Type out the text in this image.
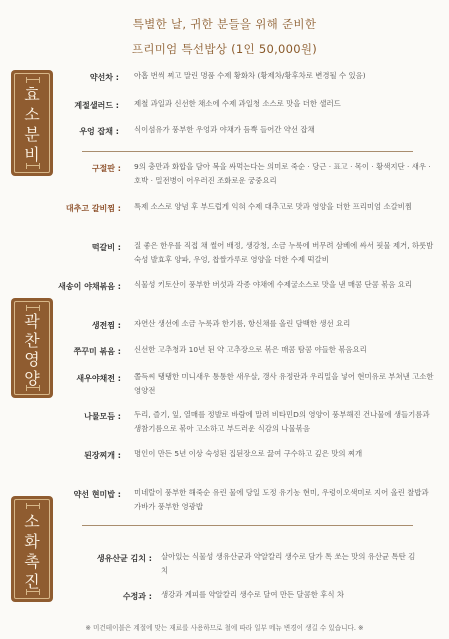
특별한 날, 귀한 분들을 위해 준비한
프리미엄 특선밥상 (1인 50,000원)
효
소
분
비
곽
찬
영
양
소
화
촉
진
약선차 : 아홉 번씩 찌고 말린 명품 수제 황화차 (황제차/황후차로 변경될 수 있음)
계절샐러드 : 제철 과일과 신선한 채소에 수제 과일청 소스로 맛을 더한 샐러드
우엉 잡채 : 식이섬유가 풍부한 우엉과 야채가 듬뿍 들어간 약선 잡채
구절판 : 9의 충만과 화합을 담아 복을 싸먹는다는 의미로 죽순 · 당근 · 표고 · 목이 · 황색지단 · 새우 · 호박 · 밀전병이 어우러진 조화로운 궁중요리
대추고 갈비찜 : 특제 소스로 양념 후 부드럽게 익혀 수제 대추고로 맛과 영양을 더한 프리미엄 소갈비찜
떡갈비 : 질 좋은 한우를 직접 채 썰어 배정, 생강청, 소금 누룩에 버무려 삼베에 싸서 핏물 제거, 하룻밤 숙성 발효후 양파, 우엉, 찹쌀가루로 영양을 더한 수제 떡갈비
새송이 야채볶음 : 식물성 키토산이 풍부한 버섯과 각종 야채에 수제굴소스로 맛을 낸 매콤 단콤 볶음 요리
생전찜 : 자연산 생선에 소금 누룩과 한기름, 항신채를 올린 담백한 생선 요리
쭈꾸미 볶음 : 신선한 고추청과 10년 된 약 고추장으로 볶은 매콤 탐콤 야들한 볶음요리
새우야채전 : 쫄득씨 탱탱한 미니새우 통통한 새우살, 갱사 유정란과 우리밀을 넣어 현미유로 부쳐낸 고소한 영양전
나물모듬 : 두리, 즐기, 잎, 열매를 정발로 바람에 말려 비타민D의 영양이 풍부해진 건나물에 생들기름과 생참기름으로 볶아 고소하고 부드러운 식감의 나물볶음
된장찌개 : 명인이 만든 5년 이상 숙성된 집된장으로 끓여 구수하고 깊은 맛의 찌개
약선 현미밥 : 미네랄이 풍부한 해죽순 유린 물에 당일 도정 유기농 현미, 우렁이오색미로 지어 올린 찰밥과 가바가 풍부한 영광밥
생유산균 김치 : 살아있는 식물성 생유산균과 약알칼리 생수로 담가 톡 쏘는 맛의 유산균 톡탄 김치
수정과 : 생강과 계피를 약알칼리 생수로 달여 만든 달콤한 후식 차
※ 미건테이블은 계절에 맞는 재료를 사용하므로 철에 따라 일부 메뉴 변경이 생길 수 있습니다. ※
